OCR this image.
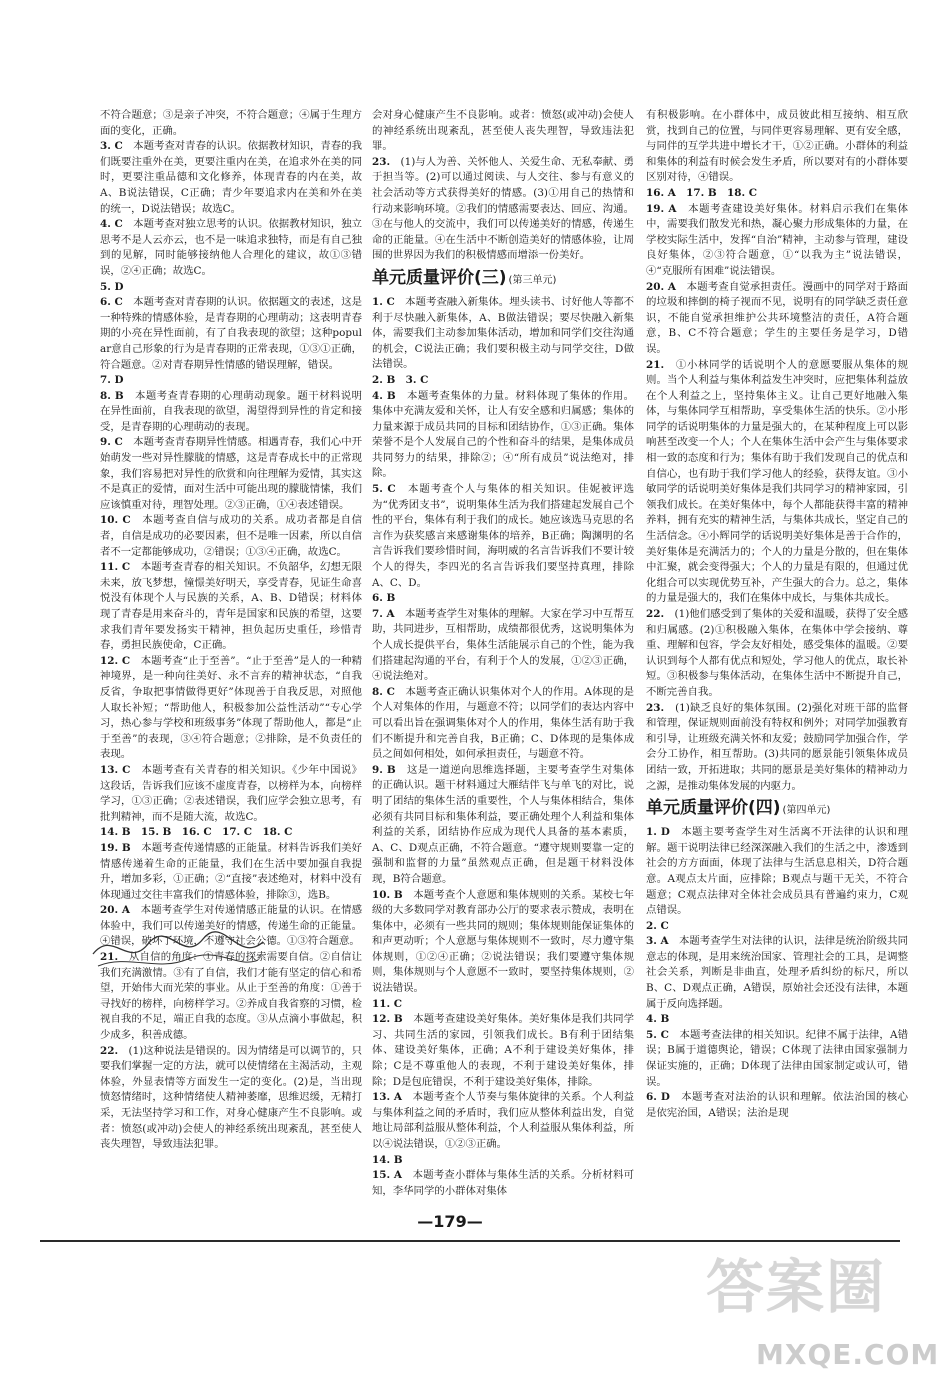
不符合题意；③是亲子冲突，不符合题意；④属于生理方面的变化，正确。

3. C　 本题考查对青春的认识。依据教材知识，青春的我们既要注重外在美，更要注重内在美，在追求外在美的同时，更要注重品德和文化修养，体现青春的内在美，故A、B说法错误，C正确；青少年要追求内在美和外在美的统一，D说法错误；故选C。

4. C　 本题考查对独立思考的认识。依据教材知识，独立思考不是人云亦云，也不是一味追求独特，而是有自己独到的见解，同时能够接纳他人合理化的建议，故①③错误，②④正确；故选C。

5. D

6. C　 本题考查对青春期的认识。依据题文的表述，这是一种特殊的情感体验，是青春期的心理萌动；这表明青春期的小亮在异性面前，有了自我表现的欲望；这种popular意自己形象的行为是青春期的正常表现，①③①正确，符合题意。②对青春期异性情感的错误理解，错误。

7. D

8. B　 本题考查青春期的心理萌动现象。题干材料说明在异性面前，自我表现的欲望，渴望得到异性的肯定和接受，是青春期的心理萌动的表现。

9. C　 本题考查青春期异性情感。相遇青春，我们心中开始萌发一些对异性朦胧的情感，这是青春成长中的正常现象，我们容易把对异性的欣赏和向往理解为爱情，其实这不是真正的爱情，面对生活中可能出现的朦胧情愫，我们应该慎重对待，理智处理。②③正确，①④表述错误。

10. C　 本题考查自信与成功的关系。成功者都是自信者，自信是成功的必要因素，但不是唯一因素，所以自信者不一定都能够成功，②错误；①③④正确，故选C。

11. C　 本题考查青春的相关知识。不负韶华，幻想无限未来，放飞梦想，憧憬美好明天，享受青春，见证生命喜悦没有体现个人与民族的关系，A、B、D错误；材料体现了青春是用来奋斗的，青年是国家和民族的希望，这要求我们青年要发扬实干精神，担负起历史重任，珍惜青春，勇担民族使命，C正确。

12. C　 本题考查“止于至善”。“止于至善”是人的一种精神境界，是一种向往美好、永不言弃的精神状态，“自我反省，争取把事情做得更好”体现善于自我反思，对照他人取长补短；“帮助他人，积极参加公益性活动”“专心学习，热心参与学校和班级事务”体现了帮助他人，都是“止于至善”的表现，③④符合题意；②排除，是不负责任的表现。

13. C　 本题考查有关青春的相关知识。《少年中国说》这段话，告诉我们应该不虚度青春，以榜样为本，向榜样学习，①③正确；②表述错误，我们应学会独立思考，有批判精神，而不是随大流，故选C。

14. B　15. B　16. C　17. C　18. C

19. B　 本题考查传递情感的正能量。材料告诉我们美好情感传递着生命的正能量，我们在生活中要加强自我提升，增加多彩，①正确；②“直接”表述绝对，材料中没有体现通过交往丰富我们的情感体验，排除③，选B。

20. A　 本题考查学生对传递情感正能量的认识。在情感体验中，我们可以传递美好的情感，传递生命的正能量。④错误，破坏了环境，不遵守社会公德。①③符合题意。

21.　 从自信的角度：①青春的探索需要自信。②自信让我们充满激情。③有了自信，我们才能有坚定的信心和希望，开始伟大而光荣的事业。从止于至善的角度：①善于寻找好的榜样，向榜样学习。②养成自我省察的习惯，检视自我的不足，端正自我的态度。③从点滴小事做起，积少成多，积善成德。

22.　 (1)这种说法是错误的。因为情绪是可以调节的，只要我们掌握一定的方法，就可以使情绪在主渴活动，主观体验，外显表情等方面发生一定的变化。(2)是，当出现愤怒情绪时，这种情绪使人精神萎靡，思维迟缓，无精打采，无法坚持学习和工作，对身心健康产生不良影响。或者：愤怒(或冲动)会使人的神经系统出现紊乱，甚至使人丧失理智，导致违法犯罪。

会对身心健康产生不良影响。或者：愤怒(或冲动)会使人的神经系统出现紊乱，甚至使人丧失理智，导致违法犯罪。

23.　 (1)与人为善、关怀他人、关爱生命、无私奉献、勇于担当等。(2)可以通过阅读、与人交往、参与有意义的社会活动等方式获得美好的情感。(3)①用自己的热情和行动来影响环境。②我们的情感需要表达、回应、沟通。③在与他人的交流中，我们可以传递美好的情感，传递生命的正能量。④在生活中不断创造美好的情感体验，让周围的世界因为我们的积极情感而增添一份美好。

单元质量评价(三) (第三单元)

1. C　 本题考查融入新集体。埋头读书、讨好他人等都不利于尽快融入新集体，A、B做法错误；要尽快融入新集体，需要我们主动参加集体活动，增加和同学们交往沟通的机会，C说法正确；我们要积极主动与同学交往，D做法错误。

2. B　3. C

4. B　 本题考查集体的力量。材料体现了集体的作用。集体中充满友爱和关怀，让人有安全感和归属感；集体的力量来源于成员共同的目标和团结协作，①③正确。集体荣誉不是个人发展自己的个性和奋斗的结果，是集体成员共同努力的结果，排除②；④“所有成员”说法绝对，排除。

5. C　 本题考查个人与集体的相关知识。佳妮被评选为“优秀团支书”，说明集体生活为我们搭建起发展自己个性的平台，集体有利于我们的成长。她应该选马克思的名言作为获奖感言来感谢集体的培养，B正确；陶渊明的名言告诉我们要珍惜时间，海明威的名言告诉我们不要计较个人的得失，李四光的名言告诉我们要坚持真理，排除A、C、D。

6. B

7. A　 本题考查学生对集体的理解。大家在学习中互帮互助，共同进步，互相帮助，成绩都很优秀，这说明集体为个人成长提供平台，集体生活能展示自己的个性，能为我们搭建起沟通的平台，有利于个人的发展，①②③正确，④说法绝对。

8. C　 本题考查正确认识集体对个人的作用。A体现的是个人对集体的作用，与题意不符；以同学们的表达内容中可以看出旨在强调集体对个人的作用，集体生活有助于我们不断提升和完善自我，B正确；C、D体现的是集体成员之间如何相处，如何承担责任，与题意不符。

9. B　 这是一道逆向思维选择题，主要考查学生对集体的正确认识。题干材料通过大雁结伴飞与单飞的对比，说明了团结的集体生活的重要性，个人与集体相结合，集体必须有共同目标和集体利益，要正确处理个人利益和集体利益的关系，团结协作应成为现代人具备的基本素质，A、C、D观点正确，不符合题意。“遵守规则要靠一定的强制和监督的力量”虽然观点正确，但是题干材料没体现，B符合题意。

10. B　 本题考查个人意愿和集体规则的关系。某校七年级的大多数同学对教育部办公厅的要求表示赞成，表明在集体中，必须有一些共同的规则；集体规则能保证集体的和声更动听；个人意愿与集体规则不一致时，尽力遵守集体规则，①②④正确；②说法错误；我们要遵守集体规则，集体规则与个人意愿不一致时，要坚持集体规则，②说法错误。

11. C

12. B　 本题考查建设美好集体。美好集体是我们共同学习、共同生活的家园，引领我们成长。B有利于团结集体、建设美好集体，正确；A不利于建设美好集体，排除；C是不尊重他人的表现，不利于建设美好集体，排除；D是包庇错误，不利于建设美好集体，排除。

13. A　 本题考查个人节奏与集体旋律的关系。个人利益与集体利益之间的矛盾时，我们应从整体利益出发，自觉地让局部利益服从整体利益，个人利益服从集体利益，所以④说法错误，①②③正确。

14. B

15. A　 本题考查小群体与集体生活的关系。分析材料可知，李华同学的小群体对集体

有积极影响。在小群体中，成员彼此相互接纳、相互欣赏，找到自己的位置，与同伴更容易理解、更有安全感，与同伴的互学共进中增长才干，①②正确。小群体的利益和集体的利益有时候会发生矛盾，所以要对有的小群体要区别对待，④错误。

16. A　17. B　18. C

19. A　 本题考查建设美好集体。材料启示我们在集体中，需要我们散发光和热，凝心聚力形成集体的力量，在学校实际生活中，发挥“自治”精神，主动参与管理，建设良好集体，②③符合题意，①“以我为主”说法错误，④“克服所有困难”说法错误。

20. A　 本题考查自觉承担责任。漫画中的同学对于路面的垃圾和摔倒的椅子视而不见，说明有的同学缺乏责任意识，不能自觉承担维护公共环境整洁的责任，A符合题意，B、C不符合题意；学生的主要任务是学习，D错误。

21.　 ①小林同学的话说明个人的意愿要服从集体的规则。当个人利益与集体利益发生冲突时，应把集体利益放在个人利益之上，坚持集体主义。让自己更好地融入集体，与集体同学互相帮助，享受集体生活的快乐。②小彤同学的话说明集体的力量是强大的，在某种程度上可以影响甚至改变一个人；个人在集体生活中会产生与集体要求相一致的态度和行为；集体有助于我们发现自己的优点和自信心，也有助于我们学习他人的经验，获得友谊。③小敏同学的话说明美好集体是我们共同学习的精神家园，引领我们成长。在美好集体中，每个人都能获得丰富的精神养料，拥有充实的精神生活，与集体共成长，坚定自己的生活信念。④小辉同学的话说明美好集体是善于合作的，美好集体是充满活力的；个人的力量是分散的，但在集体中汇聚，就会变得强大；个人的力量是有限的，但通过优化组合可以实现优势互补，产生强大的合力。总之，集体的力量是强大的，我们在集体中成长，与集体共成长。

22.　 (1)他们感受到了集体的关爱和温暖，获得了安全感和归属感。(2)①积极融入集体，在集体中学会接纳、尊重、理解和包容，学会友好相处，感受集体的温暖。②要认识到每个人都有优点和短处，学习他人的优点，取长补短。③积极参与集体活动，在集体生活中不断提升自己，不断完善自我。

23.　 (1)缺乏良好的集体氛围。(2)强化对班干部的监督和管理，保证规则面前没有特权和例外；对同学加强教育和引导，让班级充满关怀和友爱；鼓励同学加强合作，学会分工协作，相互帮助。(3)共同的愿景能引领集体成员团结一致，开拓进取；共同的愿景是美好集体的精神动力之源，是推动集体发展的内驱力。

单元质量评价(四) (第四单元)

1. D　 本题主要考查学生对生活离不开法律的认识和理解。题干说明法律已经深深融入我们的生活之中，渗透到社会的方方面面，体现了法律与生活息息相关，D符合题意。A观点太片面，应排除；B观点与题干无关，不符合题意；C观点法律对全体社会成员具有普遍约束力，C观点错误。

2. C

3. A　 本题考查学生对法律的认识，法律是统治阶级共同意志的体现，是用来统治国家、管理社会的工具，是调整社会关系，判断是非曲直，处理矛盾纠纷的标尺，所以B、C、D观点正确，A错误，原始社会还没有法律，本题属于反向选择题。

4. B

5. C　 本题考查法律的相关知识。纪律不属于法律，A错误；B属于道德舆论，错误；C体现了法律由国家强制力保证实施的，正确；D体现了法律由国家制定或认可，错误。

6. D　 本题考查对法治的认识和理解。依法治国的核心是依宪治国，A错误；法治是现

—179—
答案圈
MXQE.COM
